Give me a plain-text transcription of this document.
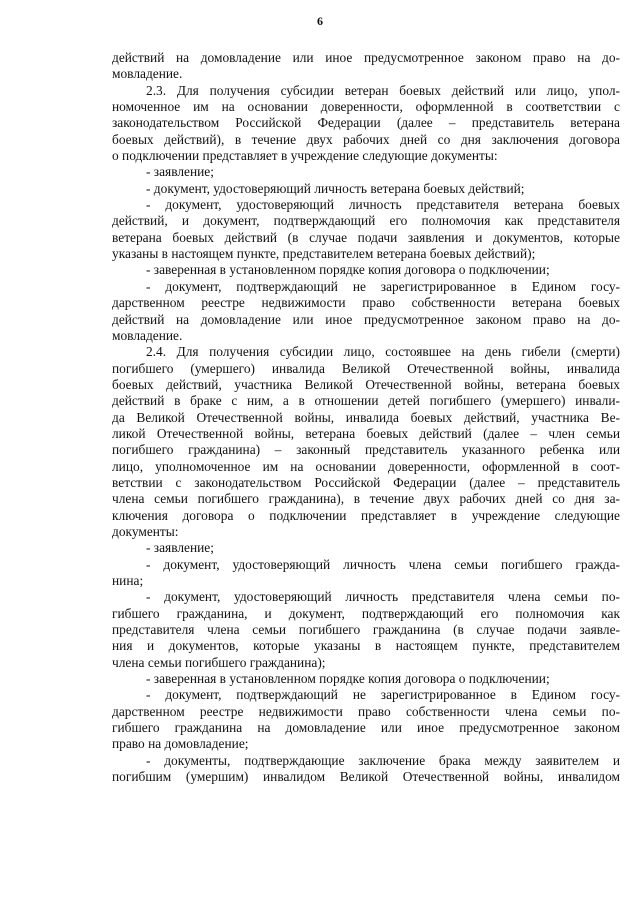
6
действий на домовладение или иное предусмотренное законом право на до-
мовладение.
2.3. Для получения субсидии ветеран боевых действий или лицо, упол-
номоченное им на основании доверенности, оформленной в соответствии с
законодательством Российской Федерации (далее – представитель ветерана
боевых действий), в течение двух рабочих дней со дня заключения договора
о подключении представляет в учреждение следующие документы:
- заявление;
- документ, удостоверяющий личность ветерана боевых действий;
- документ, удостоверяющий личность представителя ветерана боевых
действий, и документ, подтверждающий его полномочия как представителя
ветерана боевых действий (в случае подачи заявления и документов, которые
указаны в настоящем пункте, представителем ветерана боевых действий);
- заверенная в установленном порядке копия договора о подключении;
- документ, подтверждающий не зарегистрированное в Едином госу-
дарственном реестре недвижимости право собственности ветерана боевых
действий на домовладение или иное предусмотренное законом право на до-
мовладение.
2.4. Для получения субсидии лицо, состоявшее на день гибели (смерти)
погибшего (умершего) инвалида Великой Отечественной войны, инвалида
боевых действий, участника Великой Отечественной войны, ветерана боевых
действий в браке с ним, а в отношении детей погибшего (умершего) инвали-
да Великой Отечественной войны, инвалида боевых действий, участника Ве-
ликой Отечественной войны, ветерана боевых действий (далее – член семьи
погибшего гражданина) – законный представитель указанного ребенка или
лицо, уполномоченное им на основании доверенности, оформленной в соот-
ветствии с законодательством Российской Федерации (далее – представитель
члена семьи погибшего гражданина), в течение двух рабочих дней со дня за-
ключения договора о подключении представляет в учреждение следующие
документы:
- заявление;
- документ, удостоверяющий личность члена семьи погибшего гражда-
нина;
- документ, удостоверяющий личность представителя члена семьи по-
гибшего гражданина, и документ, подтверждающий его полномочия как
представителя члена семьи погибшего гражданина (в случае подачи заявле-
ния и документов, которые указаны в настоящем пункте, представителем
члена семьи погибшего гражданина);
- заверенная в установленном порядке копия договора о подключении;
- документ, подтверждающий не зарегистрированное в Едином госу-
дарственном реестре недвижимости право собственности члена семьи по-
гибшего гражданина на домовладение или иное предусмотренное законом
право на домовладение;
- документы, подтверждающие заключение брака между заявителем и
погибшим (умершим) инвалидом Великой Отечественной войны, инвалидом
